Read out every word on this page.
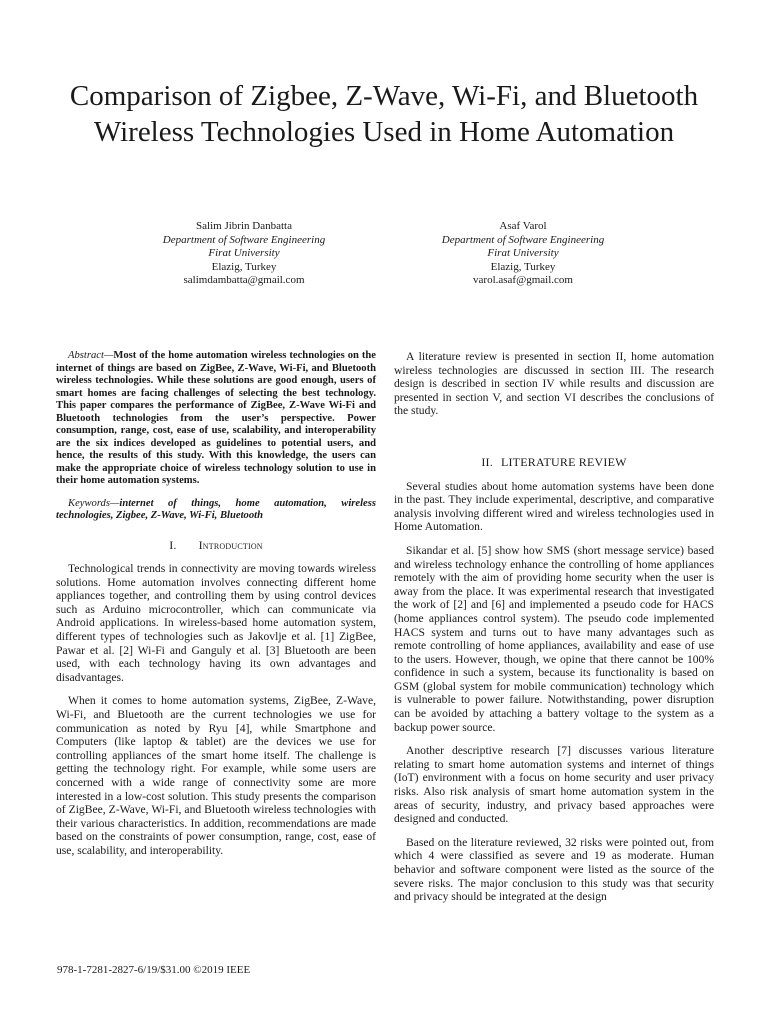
Comparison of Zigbee, Z-Wave, Wi-Fi, and Bluetooth Wireless Technologies Used in Home Automation
Salim Jibrin Danbatta
Department of Software Engineering
Firat University
Elazig, Turkey
salimdambatta@gmail.com
Asaf Varol
Department of Software Engineering
Firat University
Elazig, Turkey
varol.asaf@gmail.com

Abstract—Most of the home automation wireless technologies on the internet of things are based on ZigBee, Z-Wave, Wi-Fi, and Bluetooth wireless technologies. While these solutions are good enough, users of smart homes are facing challenges of selecting the best technology. This paper compares the performance of ZigBee, Z-Wave Wi-Fi and Bluetooth technologies from the user’s perspective. Power consumption, range, cost, ease of use, scalability, and interoperability are the six indices developed as guidelines to potential users, and hence, the results of this study. With this knowledge, the users can make the appropriate choice of wireless technology solution to use in their home automation systems.

Keywords—internet of things, home automation, wireless technologies, Zigbee, Z-Wave, Wi-Fi, Bluetooth

I. Introduction

Technological trends in connectivity are moving towards wireless solutions. Home automation involves connecting different home appliances together, and controlling them by using control devices such as Arduino microcontroller, which can communicate via Android applications. In wireless-based home automation system, different types of technologies such as Jakovlje et al. [1] ZigBee, Pawar et al. [2] Wi-Fi and Ganguly et al. [3] Bluetooth are been used, with each technology having its own advantages and disadvantages.

When it comes to home automation systems, ZigBee, Z-Wave, Wi-Fi, and Bluetooth are the current technologies we use for communication as noted by Ryu [4], while Smartphone and Computers (like laptop & tablet) are the devices we use for controlling appliances of the smart home itself. The challenge is getting the technology right. For example, while some users are concerned with a wide range of connectivity some are more interested in a low-cost solution. This study presents the comparison of ZigBee, Z-Wave, Wi-Fi, and Bluetooth wireless technologies with their various characteristics. In addition, recommendations are made based on the constraints of power consumption, range, cost, ease of use, scalability, and interoperability.

A literature review is presented in section II, home automation wireless technologies are discussed in section III. The research design is described in section IV while results and discussion are presented in section V, and section VI describes the conclusions of the study.

II. LITERATURE REVIEW

Several studies about home automation systems have been done in the past. They include experimental, descriptive, and comparative analysis involving different wired and wireless technologies used in Home Automation.

Sikandar et al. [5] show how SMS (short message service) based and wireless technology enhance the controlling of home appliances remotely with the aim of providing home security when the user is away from the place. It was experimental research that investigated the work of [2] and [6] and implemented a pseudo code for HACS (home appliances control system). The pseudo code implemented HACS system and turns out to have many advantages such as remote controlling of home appliances, availability and ease of use to the users. However, though, we opine that there cannot be 100% confidence in such a system, because its functionality is based on GSM (global system for mobile communication) technology which is vulnerable to power failure. Notwithstanding, power disruption can be avoided by attaching a battery voltage to the system as a backup power source.

Another descriptive research [7] discusses various literature relating to smart home automation systems and internet of things (IoT) environment with a focus on home security and user privacy risks. Also risk analysis of smart home automation system in the areas of security, industry, and privacy based approaches were designed and conducted.

Based on the literature reviewed, 32 risks were pointed out, from which 4 were classified as severe and 19 as moderate. Human behavior and software component were listed as the source of the severe risks. The major conclusion to this study was that security and privacy should be integrated at the design

978-1-7281-2827-6/19/$31.00 ©2019 IEEE
